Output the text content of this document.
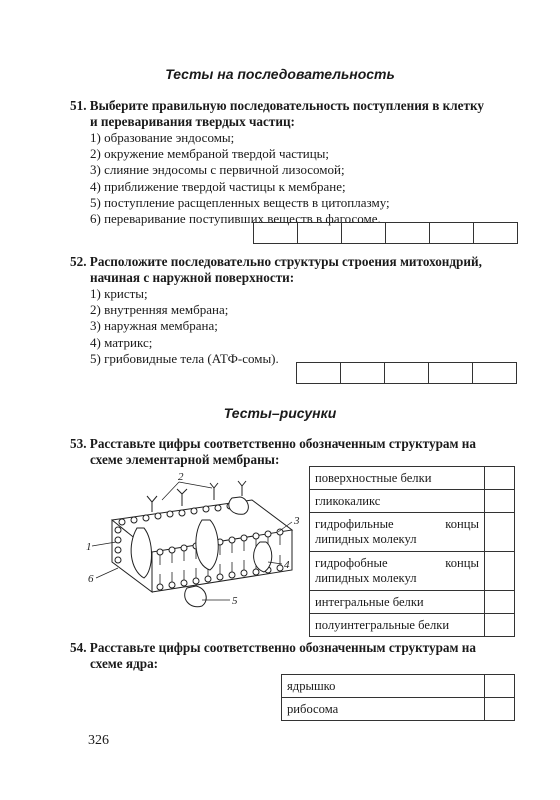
Тесты на последовательность
51. Выберите правильную последовательность поступления в клетку
и переваривания твердых частиц:
1) образование эндосомы;
2) окружение мембраной твердой частицы;
3) слияние эндосомы с первичной лизосомой;
4) приближение твердой частицы к мембране;
5) поступление расщепленных веществ в цитоплазму;
6) переваривание поступивших веществ в фагосоме.

52. Расположите последовательно структуры строения митохондрий,
начиная с наружной поверхности:
1) кристы;
2) внутренняя мембрана;
3) наружная мембрана;
4) матрикс;
5) грибовидные тела (АТФ-сомы).

Тесты–рисунки
53. Расставьте цифры соответственно обозначенным структурам на
схеме элементарной мембраны:
2
1
3
4
5
6
поверхностные белки	
гликокаликс	
гидрофильные концы липидных молекул	
гидрофобные концы липидных молекул	
интегральные белки	
полуинтегральные белки	
54. Расставьте цифры соответственно обозначенным структурам на
схеме ядра:
ядрышко	
рибосома	
326
